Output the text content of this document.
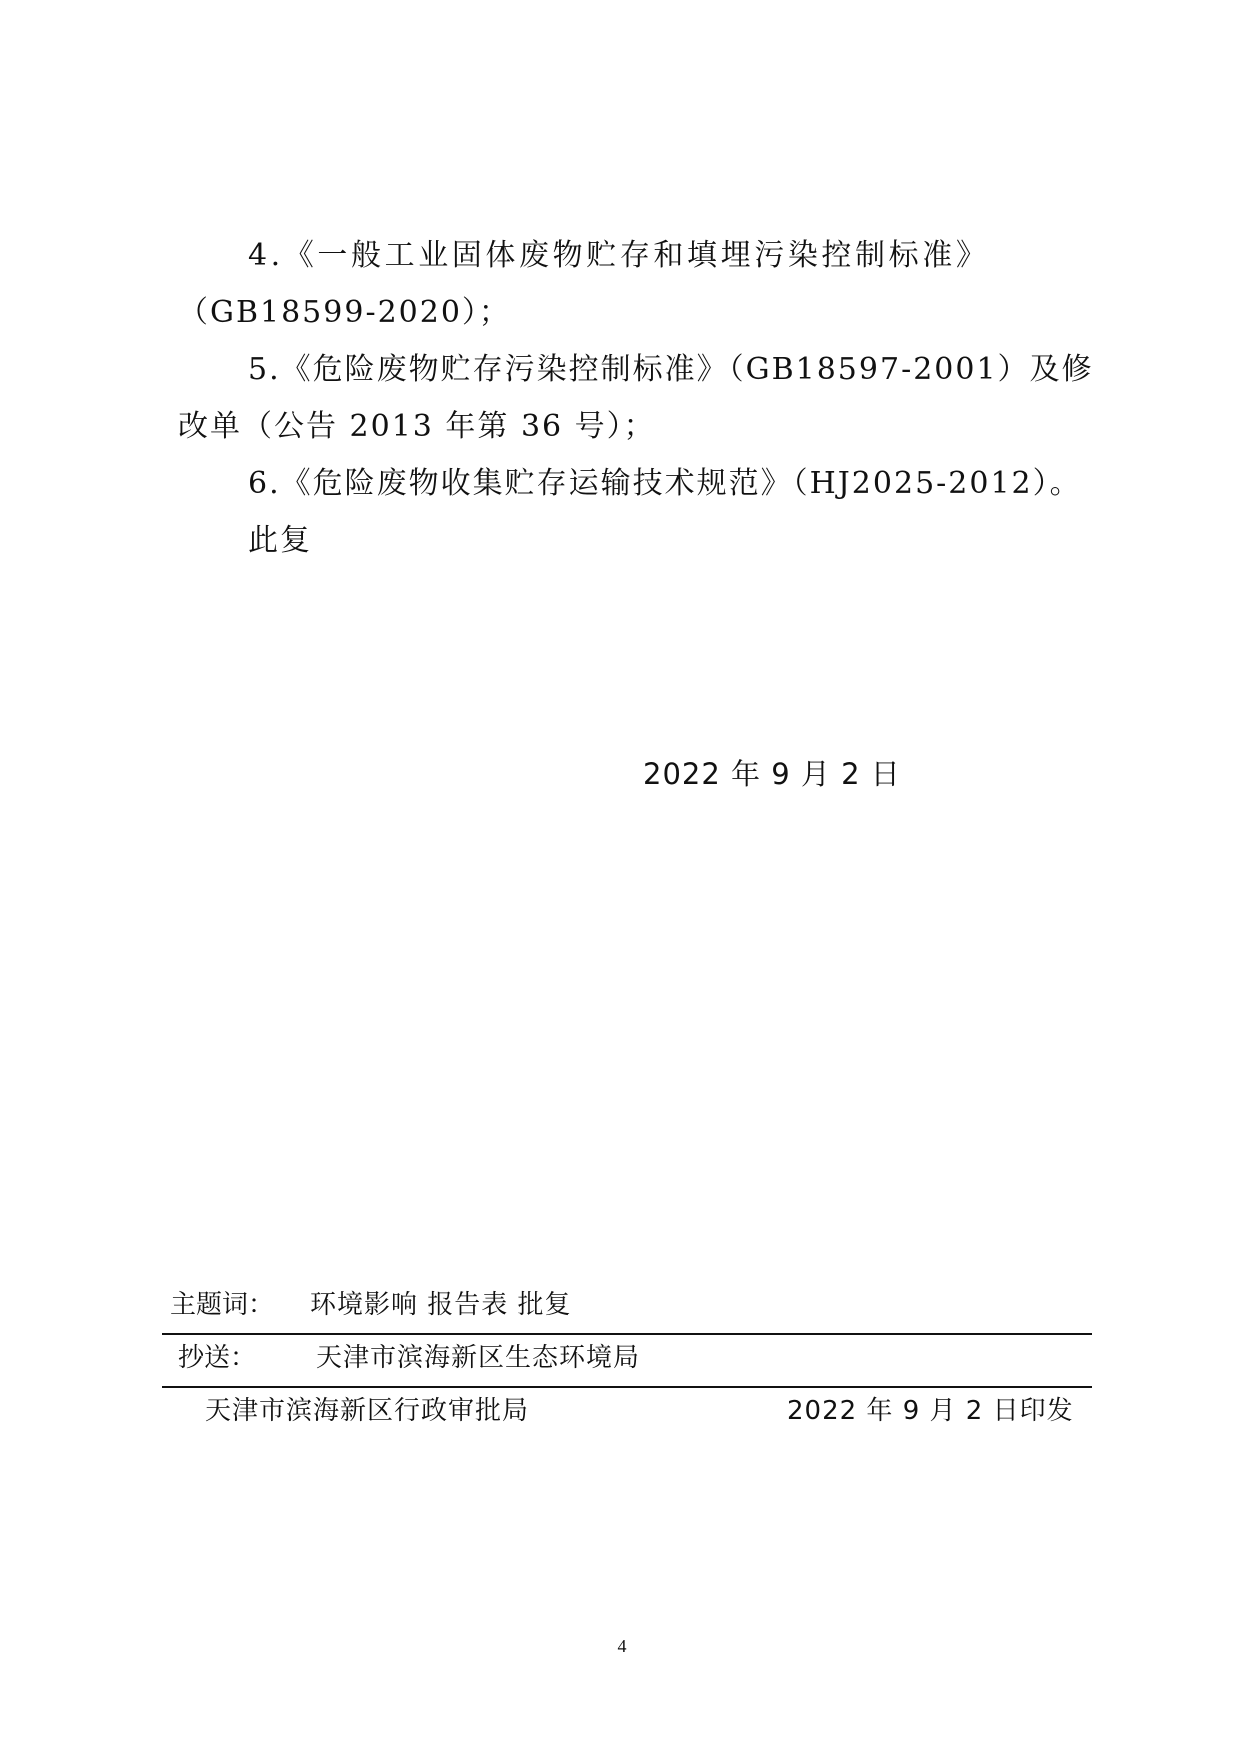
4.《一般工业固体废物贮存和填埋污染控制标准》
（GB18599-2020）；
5.《危险废物贮存污染控制标准》（GB18597-2001）及修
改单（公告 2013 年第 36 号）；
6.《危险废物收集贮存运输技术规范》（HJ2025-2012）。
此复
2022 年 9 月 2 日
主题词： 环境影响 报告表 批复
抄送： 天津市滨海新区生态环境局
天津市滨海新区行政审批局	2022 年 9 月 2 日印发
4
